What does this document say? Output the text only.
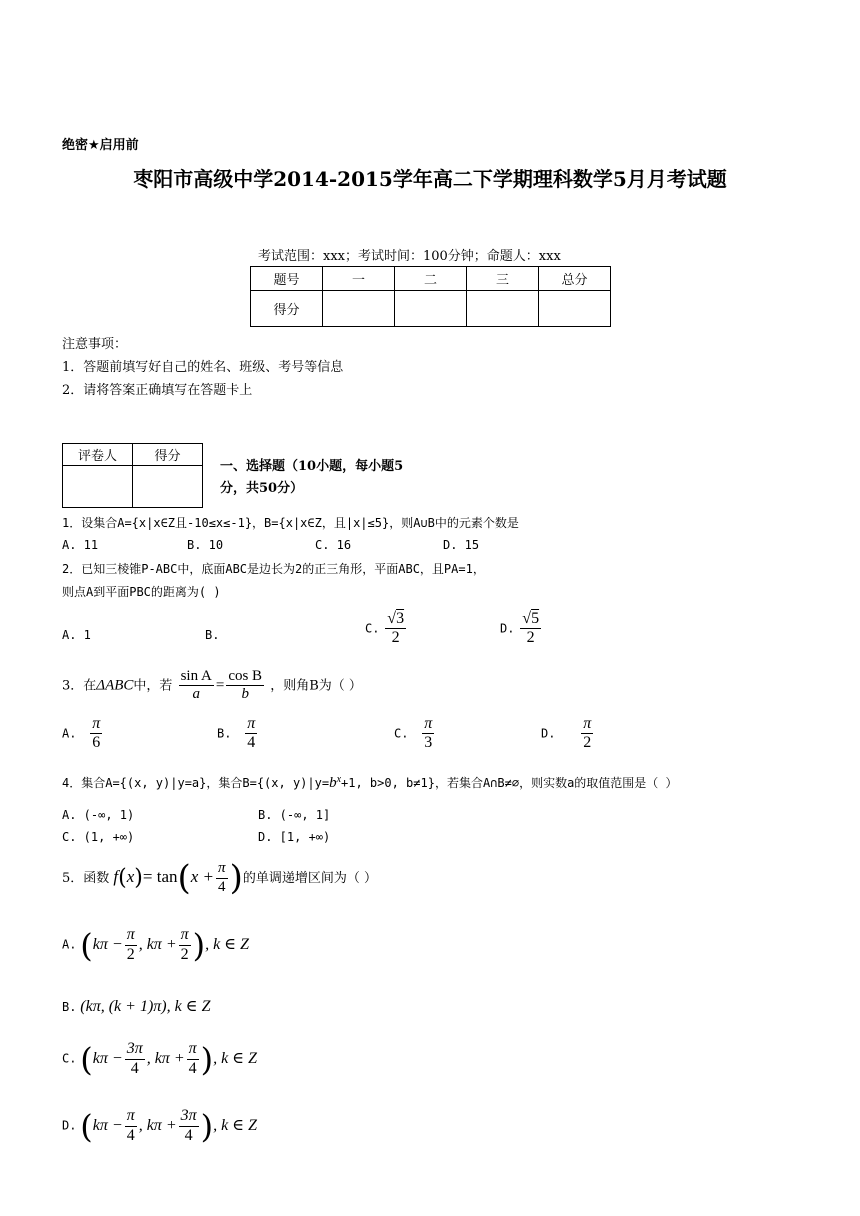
绝密★启用前
枣阳市高级中学2014-2015学年高二下学期理科数学5月月考试题
考试范围：xxx；考试时间：100分钟；命题人：xxx
题号	一	二	三	总分
得分				
注意事项：
1．答题前填写好自己的姓名、班级、考号等信息
2．请将答案正确填写在答题卡上
评卷人	得分

一、选择题（10小题，每小题5
分，共50分）
1．设集合A={x|x∈Z且-10≤x≤-1}，B={x|x∈Z，且|x|≤5}，则A∪B中的元素个数是
A. 11	B. 10	C. 16	D. 15
2．已知三棱锥P-ABC中，底面ABC是边长为2的正三角形，平面ABC，且PA=1，
则点A到平面PBC的距离为( )
A. 1	B.	C. $\frac{√3}{2}$	D. $\frac{√5}{2}$
3．在ΔABC中，若 $\frac{\text{sin A}}{a} = \frac{\text{cos B}}{b}$ ，则角B为（ ）
A. $\frac{\pi}{6}$	B. $\frac{\pi}{4}$	C. $\frac{\pi}{3}$	D. $\frac{\pi}{2}$
4．集合A={(x, y)|y=a}，集合B={(x, $y)|y=b^x+1$, b>0, b≠1}，若集合A∩B≠∅，则实数a的取值范围是（ ）
A. (-∞, 1)	B. (-∞, 1]
C. (1, +∞)	D. [1, +∞)
5．函数 $f(x)= \tan(x + \frac{\pi}{4}$ )的单调递增区间为（ ）
A. ($k\pi - \frac{\pi}{2}$ , $k\pi + \frac{\pi}{2}$ ), k ∈ Z
B. (kπ, (k + 1)π), k ∈ Z
C. ($k\pi - \frac{3\pi}{4}$ , $k\pi + \frac{\pi}{4}$ ), k ∈ Z
D. ($k\pi - \frac{\pi}{4}$ , $k\pi + \frac{3\pi}{4}$ ), k ∈ Z
